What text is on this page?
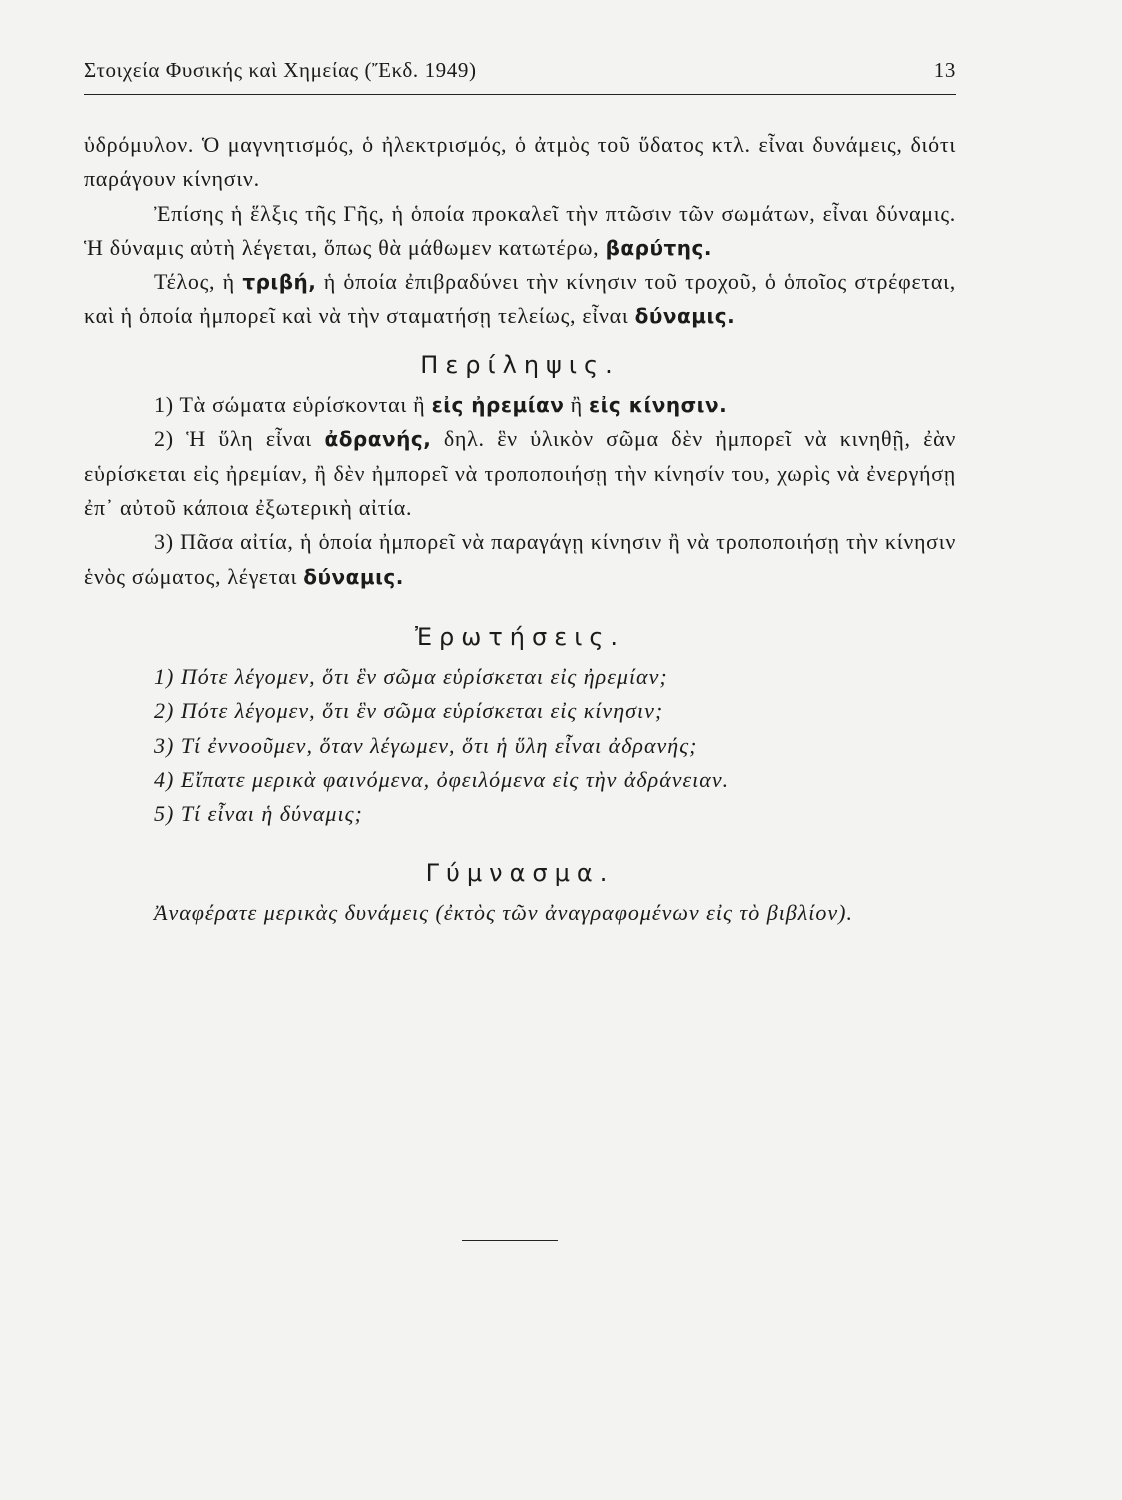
Στοιχεία Φυσικής καὶ Χημείας (Ἔκδ. 1949)	13

ὑδρόμυλον. Ὁ μαγνητισμός, ὁ ἠλεκτρισμός, ὁ ἀτμὸς τοῦ ὕδατος κτλ. εἶναι δυνάμεις, διότι παράγουν κίνησιν.

Ἐπίσης ἡ ἕλξις τῆς Γῆς, ἡ ὁποία προκαλεῖ τὴν πτῶσιν τῶν σωμάτων, εἶναι δύναμις. Ἡ δύναμις αὐτὴ λέγεται, ὅπως θὰ μάθωμεν κατωτέρω, βαρύτης.

Τέλος, ἡ τριβή, ἡ ὁποία ἐπιβραδύνει τὴν κίνησιν τοῦ τροχοῦ, ὁ ὁποῖος στρέφεται, καὶ ἡ ὁποία ἠμπορεῖ καὶ νὰ τὴν σταματήσῃ τελείως, εἶναι δύναμις.

Περίληψις.

1) Τὰ σώματα εὑρίσκονται ἢ εἰς ἠρεμίαν ἢ εἰς κίνησιν.

2) Ἡ ὕλη εἶναι ἀδρανής, δηλ. ἓν ὑλικὸν σῶμα δὲν ἠμπορεῖ νὰ κινηθῇ, ἐὰν εὑρίσκεται εἰς ἠρεμίαν, ἢ δὲν ἠμπορεῖ νὰ τροποποιήσῃ τὴν κίνησίν του, χωρὶς νὰ ἐνεργήσῃ ἐπ᾽ αὐτοῦ κάποια ἐξωτερικὴ αἰτία.

3) Πᾶσα αἰτία, ἡ ὁποία ἠμπορεῖ νὰ παραγάγῃ κίνησιν ἢ νὰ τροποποιήσῃ τὴν κίνησιν ἑνὸς σώματος, λέγεται δύναμις.

Ἐρωτήσεις.

1) Πότε λέγομεν, ὅτι ἓν σῶμα εὑρίσκεται εἰς ἠρεμίαν;

2) Πότε λέγομεν, ὅτι ἓν σῶμα εὑρίσκεται εἰς κίνησιν;

3) Τί ἐννοοῦμεν, ὅταν λέγωμεν, ὅτι ἡ ὕλη εἶναι ἀδρανής;

4) Εἴπατε μερικὰ φαινόμενα, ὀφειλόμενα εἰς τὴν ἀδράνειαν.

5) Τί εἶναι ἡ δύναμις;

Γύμνασμα.

Ἀναφέρατε μερικὰς δυνάμεις (ἐκτὸς τῶν ἀναγραφομένων εἰς τὸ βιβλίον).
